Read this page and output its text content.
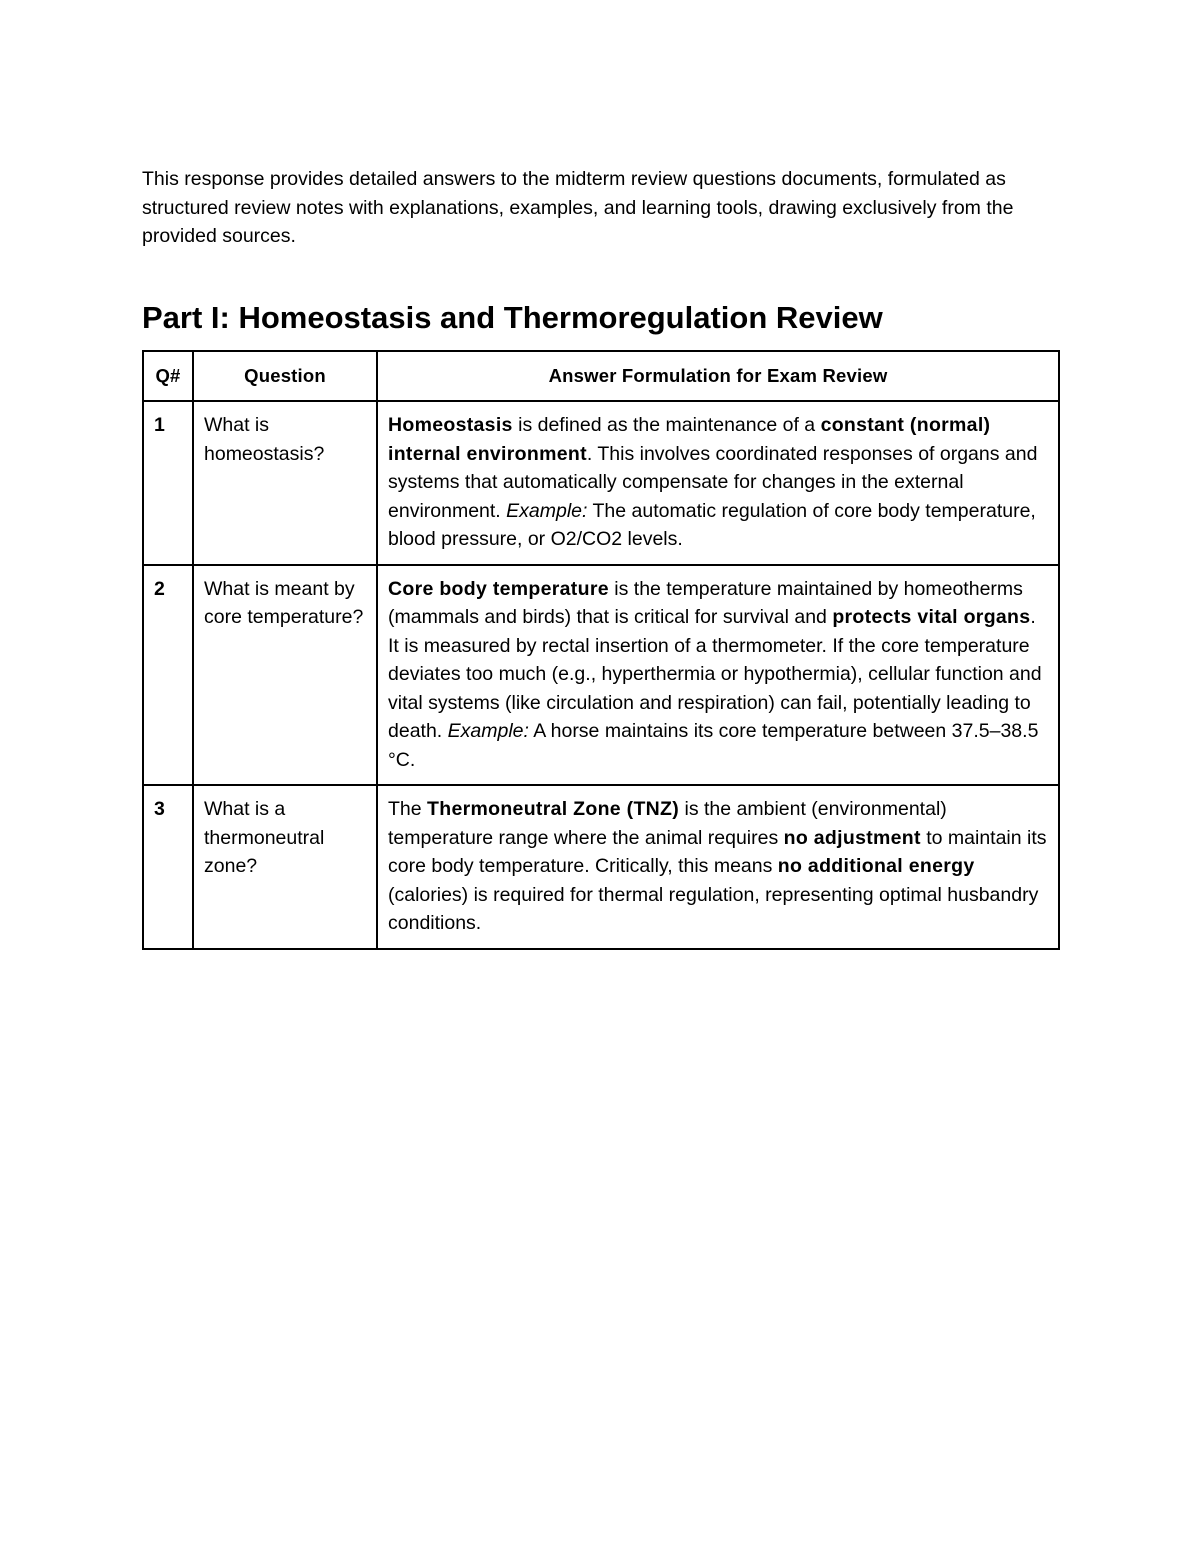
This response provides detailed answers to the midterm review questions documents, formulated as structured review notes with explanations, examples, and learning tools, drawing exclusively from the provided sources.

Part I: Homeostasis and Thermoregulation Review
Q#	Question	Answer Formulation for Exam Review
1	What is homeostasis?	Homeostasis is defined as the maintenance of a constant (normal) internal environment. This involves coordinated responses of organs and systems that automatically compensate for changes in the external environment. Example: The automatic regulation of core body temperature, blood pressure, or O2/CO2 levels.
2	What is meant by core temperature?	Core body temperature is the temperature maintained by homeotherms (mammals and birds) that is critical for survival and protects vital organs. It is measured by rectal insertion of a thermometer. If the core temperature deviates too much (e.g., hyperthermia or hypothermia), cellular function and vital systems (like circulation and respiration) can fail, potentially leading to death. Example: A horse maintains its core temperature between 37.5–38.5 °C.
3	What is a thermoneutral zone?	The Thermoneutral Zone (TNZ) is the ambient (environmental) temperature range where the animal requires no adjustment to maintain its core body temperature. Critically, this means no additional energy (calories) is required for thermal regulation, representing optimal husbandry conditions.
